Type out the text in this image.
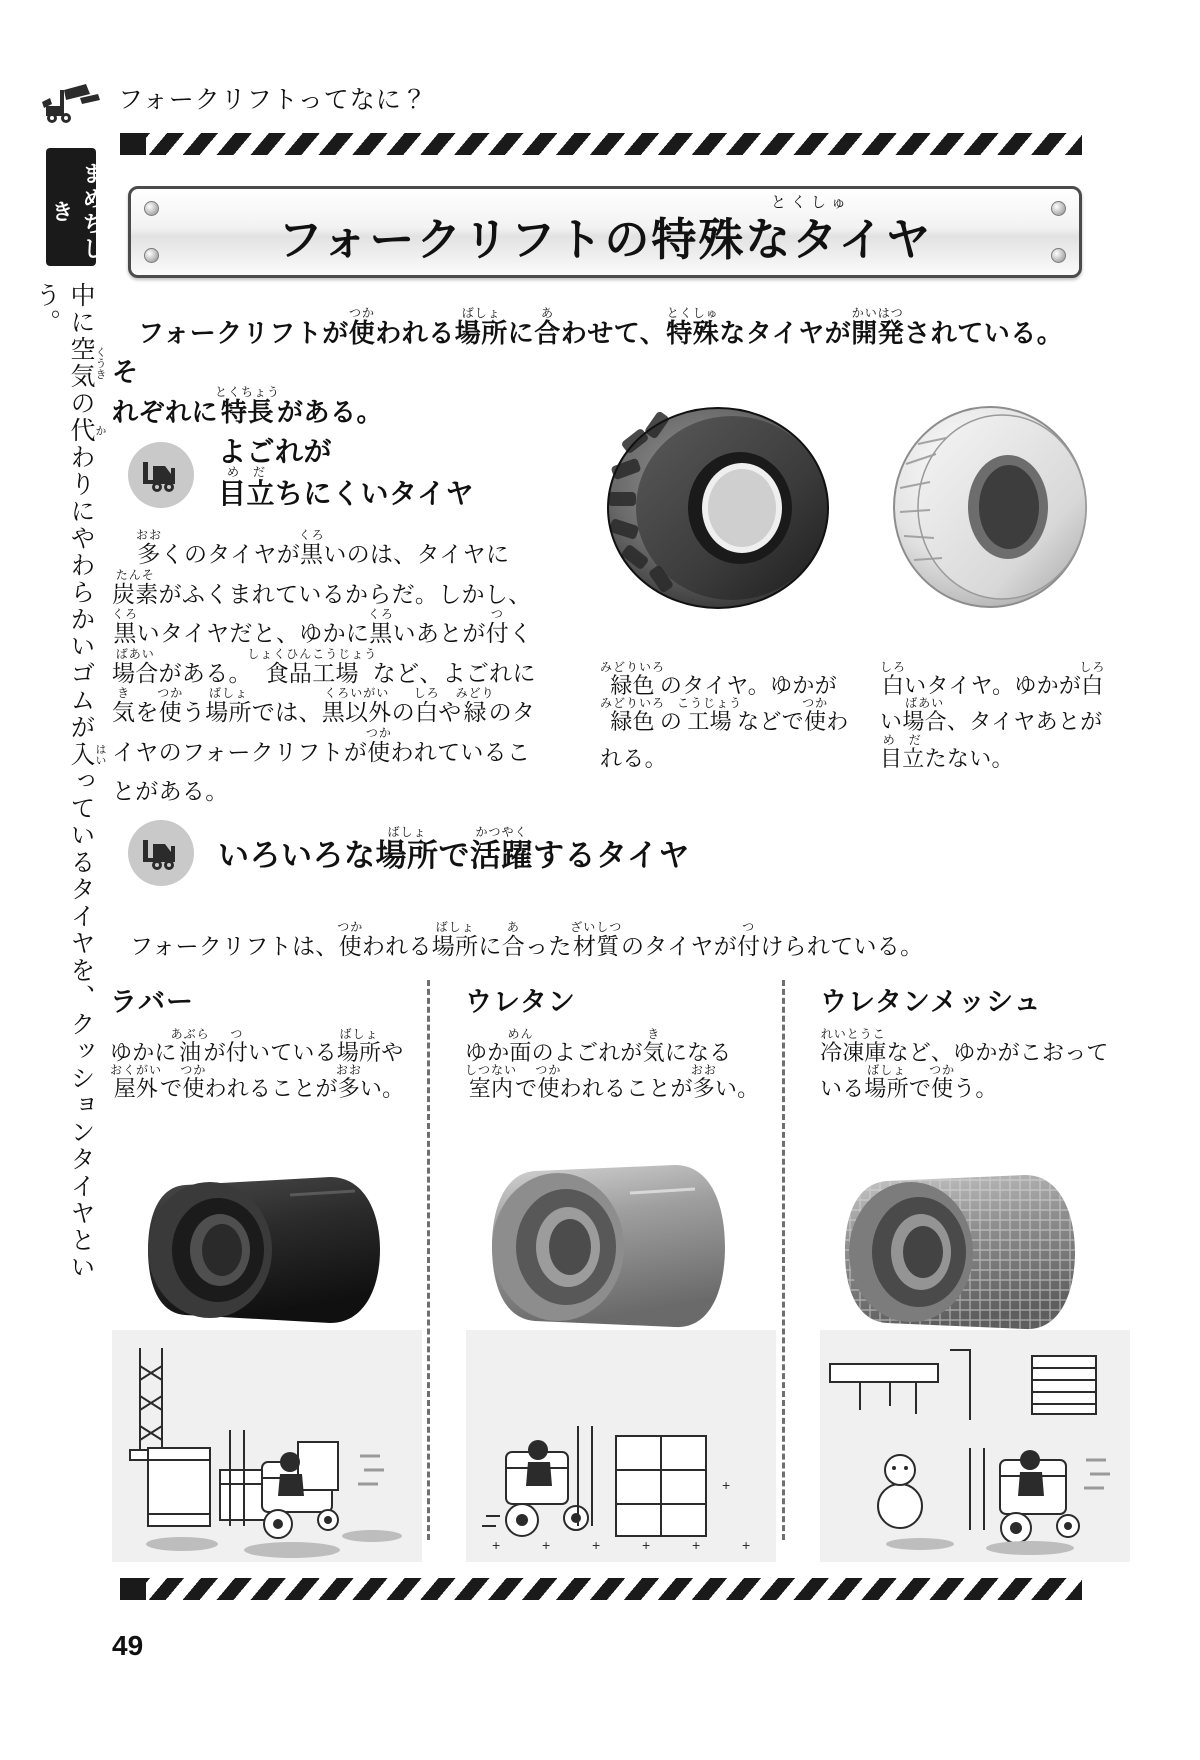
フォークリフトってなに？
まめちしき
中に空気 くうきの代 かわりにやわらかいゴムが入 はいっているタイヤを、クッションタイヤという。
とくしゅ
フォークリフトの特殊なタイヤ
フォークリフトが使つかわれる場所ばしょに合あわせて、特殊とくしゅなタイヤが開発かいはつされている。そ
れぞれに特長とくちょうがある。
よごれが
目立め　だちにくいタイヤ
多おおくのタイヤが黒くろいのは、タイヤに炭素たんそがふくまれているからだ。しかし、黒くろいタイヤだと、ゆかに黒くろいあとが付つく場合ばあいがある。食品工場しょくひんこうじょうなど、よごれに気きを使つかう場所ばしょでは、黒以外くろいがいの白しろや緑みどりのタイヤのフォークリフトが使つかわれていることがある。
緑色みどりいろのタイヤ。ゆかが緑色みどりいろの工場こうじょうなどで使つかわれる。
白しろいタイヤ。ゆかが白しろい場合ばあい、タイヤあとが目立め　だたない。
いろいろな場所ばしょで活躍かつやくするタイヤ
フォークリフトは、使つかわれる場所ばしょに合あった材質ざいしつのタイヤが付つけられている。
ラバー
ゆかに油あぶらが付ついている場所ばしょや屋外おくがいで使つかわれることが多おおい。
ウレタン
ゆか面めんのよごれが気きになる室内しつないで使つかわれることが多おおい。
ウレタンメッシュ
冷凍庫れいとうこなど、ゆかがこおっている場所ばしょで使つかう。
+	+	+	+	+	+
+
49
